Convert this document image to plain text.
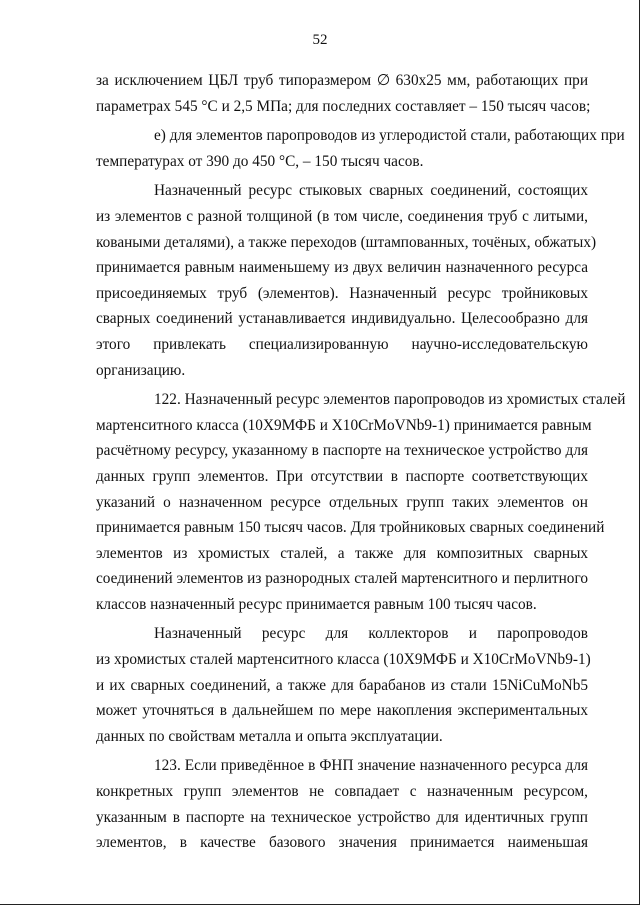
52
за исключением ЦБЛ труб типоразмером ∅ 630х25 мм, работающих при
параметрах 545 °С и 2,5 МПа; для последних составляет – 150 тысяч часов;
е) для элементов паропроводов из углеродистой стали, работающих при
температурах от 390 до 450 °С, – 150 тысяч часов.
Назначенный ресурс стыковых сварных соединений, состоящих
из элементов с разной толщиной (в том числе, соединения труб с литыми,
коваными деталями), а также переходов (штампованных, точёных, обжатых)
принимается равным наименьшему из двух величин назначенного ресурса
присоединяемых труб (элементов). Назначенный ресурс тройниковых
сварных соединений устанавливается индивидуально. Целесообразно для
этого привлекать специализированную научно-исследовательскую
организацию.
122. Назначенный ресурс элементов паропроводов из хромистых сталей
мартенситного класса (10Х9МФБ и X10CrMoVNb9-1) принимается равным
расчётному ресурсу, указанному в паспорте на техническое устройство для
данных групп элементов. При отсутствии в паспорте соответствующих
указаний о назначенном ресурсе отдельных групп таких элементов он
принимается равным 150 тысяч часов. Для тройниковых сварных соединений
элементов из хромистых сталей, а также для композитных сварных
соединений элементов из разнородных сталей мартенситного и перлитного
классов назначенный ресурс принимается равным 100 тысяч часов.
Назначенный ресурс для коллекторов и паропроводов
из хромистых сталей мартенситного класса (10Х9МФБ и X10CrMoVNb9-1)
и их сварных соединений, а также для барабанов из стали 15NiCuMoNb5
может уточняться в дальнейшем по мере накопления экспериментальных
данных по свойствам металла и опыта эксплуатации.
123. Если приведённое в ФНП значение назначенного ресурса для
конкретных групп элементов не совпадает с назначенным ресурсом,
указанным в паспорте на техническое устройство для идентичных групп
элементов, в качестве базового значения принимается наименьшая
